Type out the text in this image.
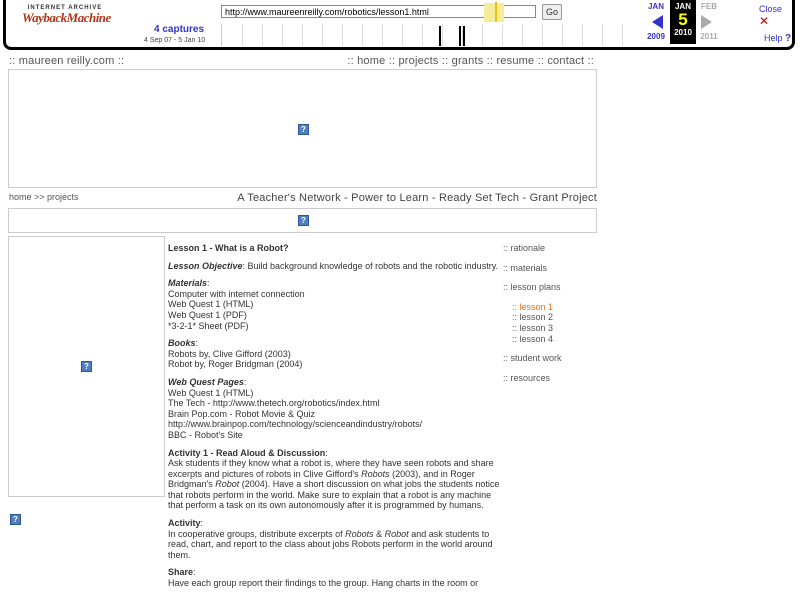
INTERNET ARCHIVE
WaybackMachine	http://www.maureenreilly.com/robotics/lesson1.html	Go
4 captures
4 Sep 07 - 5 Jan 10
JAN
2009
JAN
5
2010
FEB
2011
Close ✕
Help ?
:: maureen reilly.com ::	:: home :: projects :: grants :: resume :: contact ::
?
home >> projects	A Teacher's Network - Power to Learn - Ready Set Tech - Grant Project
?
?
?

Lesson 1 - What is a Robot?

Lesson Objective: Build background knowledge of robots and the robotic industry.

Materials:
Computer with internet connection
Web Quest 1 (HTML)
Web Quest 1 (PDF)
*3-2-1* Sheet (PDF)

Books:
Robots by, Clive Gifford (2003)
Robot by, Roger Bridgman (2004)

Web Quest Pages:
Web Quest 1 (HTML)
The Tech - http://www.thetech.org/robotics/index.html
Brain Pop.com - Robot Movie & Quiz
http://www.brainpop.com/technology/scienceandindustry/robots/
BBC - Robot's Site

Activity 1 - Read Aloud & Discussion:
Ask students if they know what a robot is, where they have seen robots and share excerpts and pictures of robots in Clive Gifford's Robots (2003), and in Roger Bridgman's Robot (2004). Have a short discussion on what jobs the students notice that robots perform in the world. Make sure to explain that a robot is any machine that perform a task on its own autonomously after it is programmed by humans.

Activity:
In cooperative groups, distribute excerpts of Robots & Robot and ask students to read, chart, and report to the class about jobs Robots perform in the world around them.

Share:
Have each group report their findings to the group. Hang charts in the room or

:: rationale
:: materials
:: lesson plans
:: lesson 1
:: lesson 2
:: lesson 3
:: lesson 4
:: student work
:: resources
